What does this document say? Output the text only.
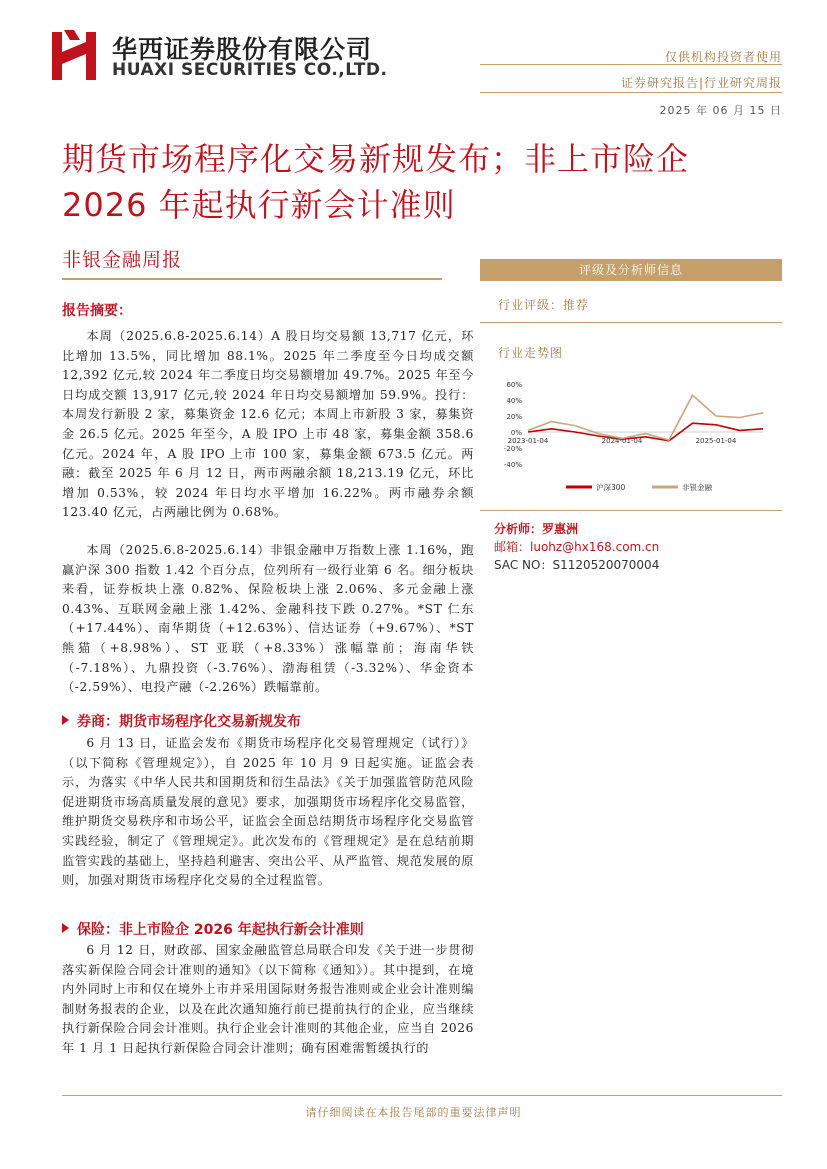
华西证券股份有限公司
HUAXI SECURITIES CO.,LTD.
仅供机构投资者使用
证券研究报告|行业研究周报
2025 年 06 月 15 日
期货市场程序化交易新规发布；非上市险企
2026 年起执行新会计准则
非银金融周报	评级及分析师信息
行业评级：推荐
行业走势图
60%
40%
20%
0%
-20%
-40%
2023-01-04	2024-01-04	2025-01-04
沪深300	非银金融
分析师：罗惠洲
邮箱：luohz@hx168.com.cn
SAC NO：S1120520070004
报告摘要：
本周（2025.6.8-2025.6.14）A 股日均交易额 13,717 亿元，环比增加 13.5%，同比增加 88.1%。2025 年二季度至今日均成交额 12,392 亿元,较 2024 年二季度日均交易额增加 49.7%。2025 年至今日均成交额 13,917 亿元,较 2024 年日均交易额增加 59.9%。投行：本周发行新股 2 家，募集资金 12.6 亿元；本周上市新股 3 家，募集资金 26.5 亿元。2025 年至今，A 股 IPO 上市 48 家，募集金额 358.6 亿元。2024 年，A 股 IPO 上市 100 家，募集金额 673.5 亿元。两融：截至 2025 年 6 月 12 日，两市两融余额 18,213.19 亿元，环比增加 0.53%，较 2024 年日均水平增加 16.22%。两市融券余额 123.40 亿元，占两融比例为 0.68%。
本周（2025.6.8-2025.6.14）非银金融申万指数上涨 1.16%，跑赢沪深 300 指数 1.42 个百分点，位列所有一级行业第 6 名。细分板块来看，证券板块上涨 0.82%、保险板块上涨 2.06%、多元金融上涨 0.43%、互联网金融上涨 1.42%、金融科技下跌 0.27%。*ST 仁东（+17.44%）、南华期货（+12.63%）、信达证券（+9.67%）、*ST 熊猫（+8.98%）、ST 亚联（+8.33%）涨幅靠前；海南华铁（-7.18%）、九鼎投资（-3.76%）、渤海租赁（-3.32%）、华金资本（-2.59%）、电投产融（-2.26%）跌幅靠前。
券商：期货市场程序化交易新规发布
6 月 13 日，证监会发布《期货市场程序化交易管理规定（试行）》（以下简称《管理规定》），自 2025 年 10 月 9 日起实施。证监会表示，为落实《中华人民共和国期货和衍生品法》《关于加强监管防范风险促进期货市场高质量发展的意见》要求，加强期货市场程序化交易监管，维护期货交易秩序和市场公平，证监会全面总结期货市场程序化交易监管实践经验，制定了《管理规定》。此次发布的《管理规定》是在总结前期监管实践的基础上，坚持趋利避害、突出公平、从严监管、规范发展的原则，加强对期货市场程序化交易的全过程监管。
保险：非上市险企 2026 年起执行新会计准则
6 月 12 日，财政部、国家金融监管总局联合印发《关于进一步贯彻落实新保险合同会计准则的通知》（以下简称《通知》）。其中提到，在境内外同时上市和仅在境外上市并采用国际财务报告准则或企业会计准则编制财务报表的企业，以及在此次通知施行前已提前执行的企业，应当继续执行新保险合同会计准则。执行企业会计准则的其他企业，应当自 2026 年 1 月 1 日起执行新保险合同会计准则；确有困难需暂缓执行的
请仔细阅读在本报告尾部的重要法律声明
